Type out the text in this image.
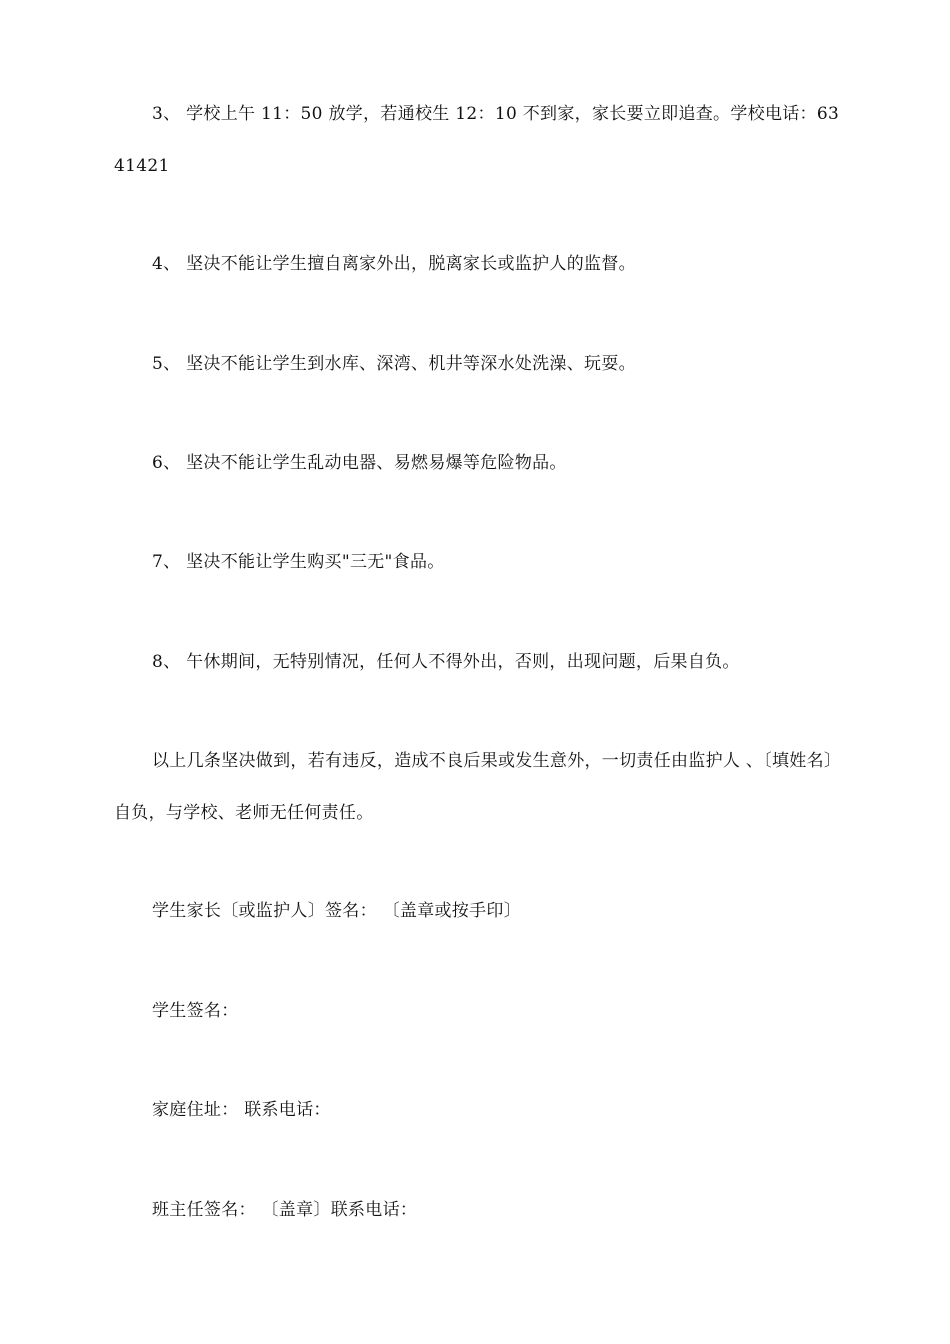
3、 学校上午 11：50 放学，若通校生 12：10 不到家，家长要立即追查。学校电话：6341421

4、 坚决不能让学生擅自离家外出，脱离家长或监护人的监督。

5、 坚决不能让学生到水库、深湾、机井等深水处洗澡、玩耍。

6、 坚决不能让学生乱动电器、易燃易爆等危险物品。

7、 坚决不能让学生购买"三无"食品。

8、 午休期间，无特别情况，任何人不得外出，否则，出现问题，后果自负。

以上几条坚决做到，若有违反，造成不良后果或发生意外，一切责任由监护人 、〔填姓名〕自负，与学校、老师无任何责任。

学生家长〔或监护人〕签名： 〔盖章或按手印〕

学生签名：

家庭住址： 联系电话：

班主任签名： 〔盖章〕联系电话：
